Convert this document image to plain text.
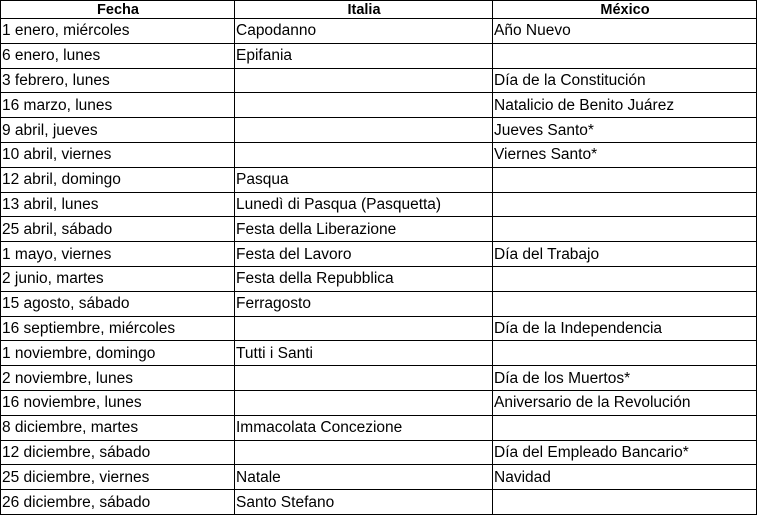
Fecha	Italia	México
1 enero, miércoles	Capodanno	Año Nuevo
6 enero, lunes	Epifania	
3 febrero, lunes		Día de la Constitución
16 marzo, lunes		Natalicio de Benito Juárez
9 abril, jueves		Jueves Santo*
10 abril, viernes		Viernes Santo*
12 abril, domingo	Pasqua	
13 abril, lunes	Lunedì di Pasqua (Pasquetta)	
25 abril, sábado	Festa della Liberazione	
1 mayo, viernes	Festa del Lavoro	Día del Trabajo
2 junio, martes	Festa della Repubblica	
15 agosto, sábado	Ferragosto	
16 septiembre, miércoles		Día de la Independencia
1 noviembre, domingo	Tutti i Santi	
2 noviembre, lunes		Día de los Muertos*
16 noviembre, lunes		Aniversario de la Revolución
8 diciembre, martes	Immacolata Concezione	
12 diciembre, sábado		Día del Empleado Bancario*
25 diciembre, viernes	Natale	Navidad
26 diciembre, sábado	Santo Stefano	
